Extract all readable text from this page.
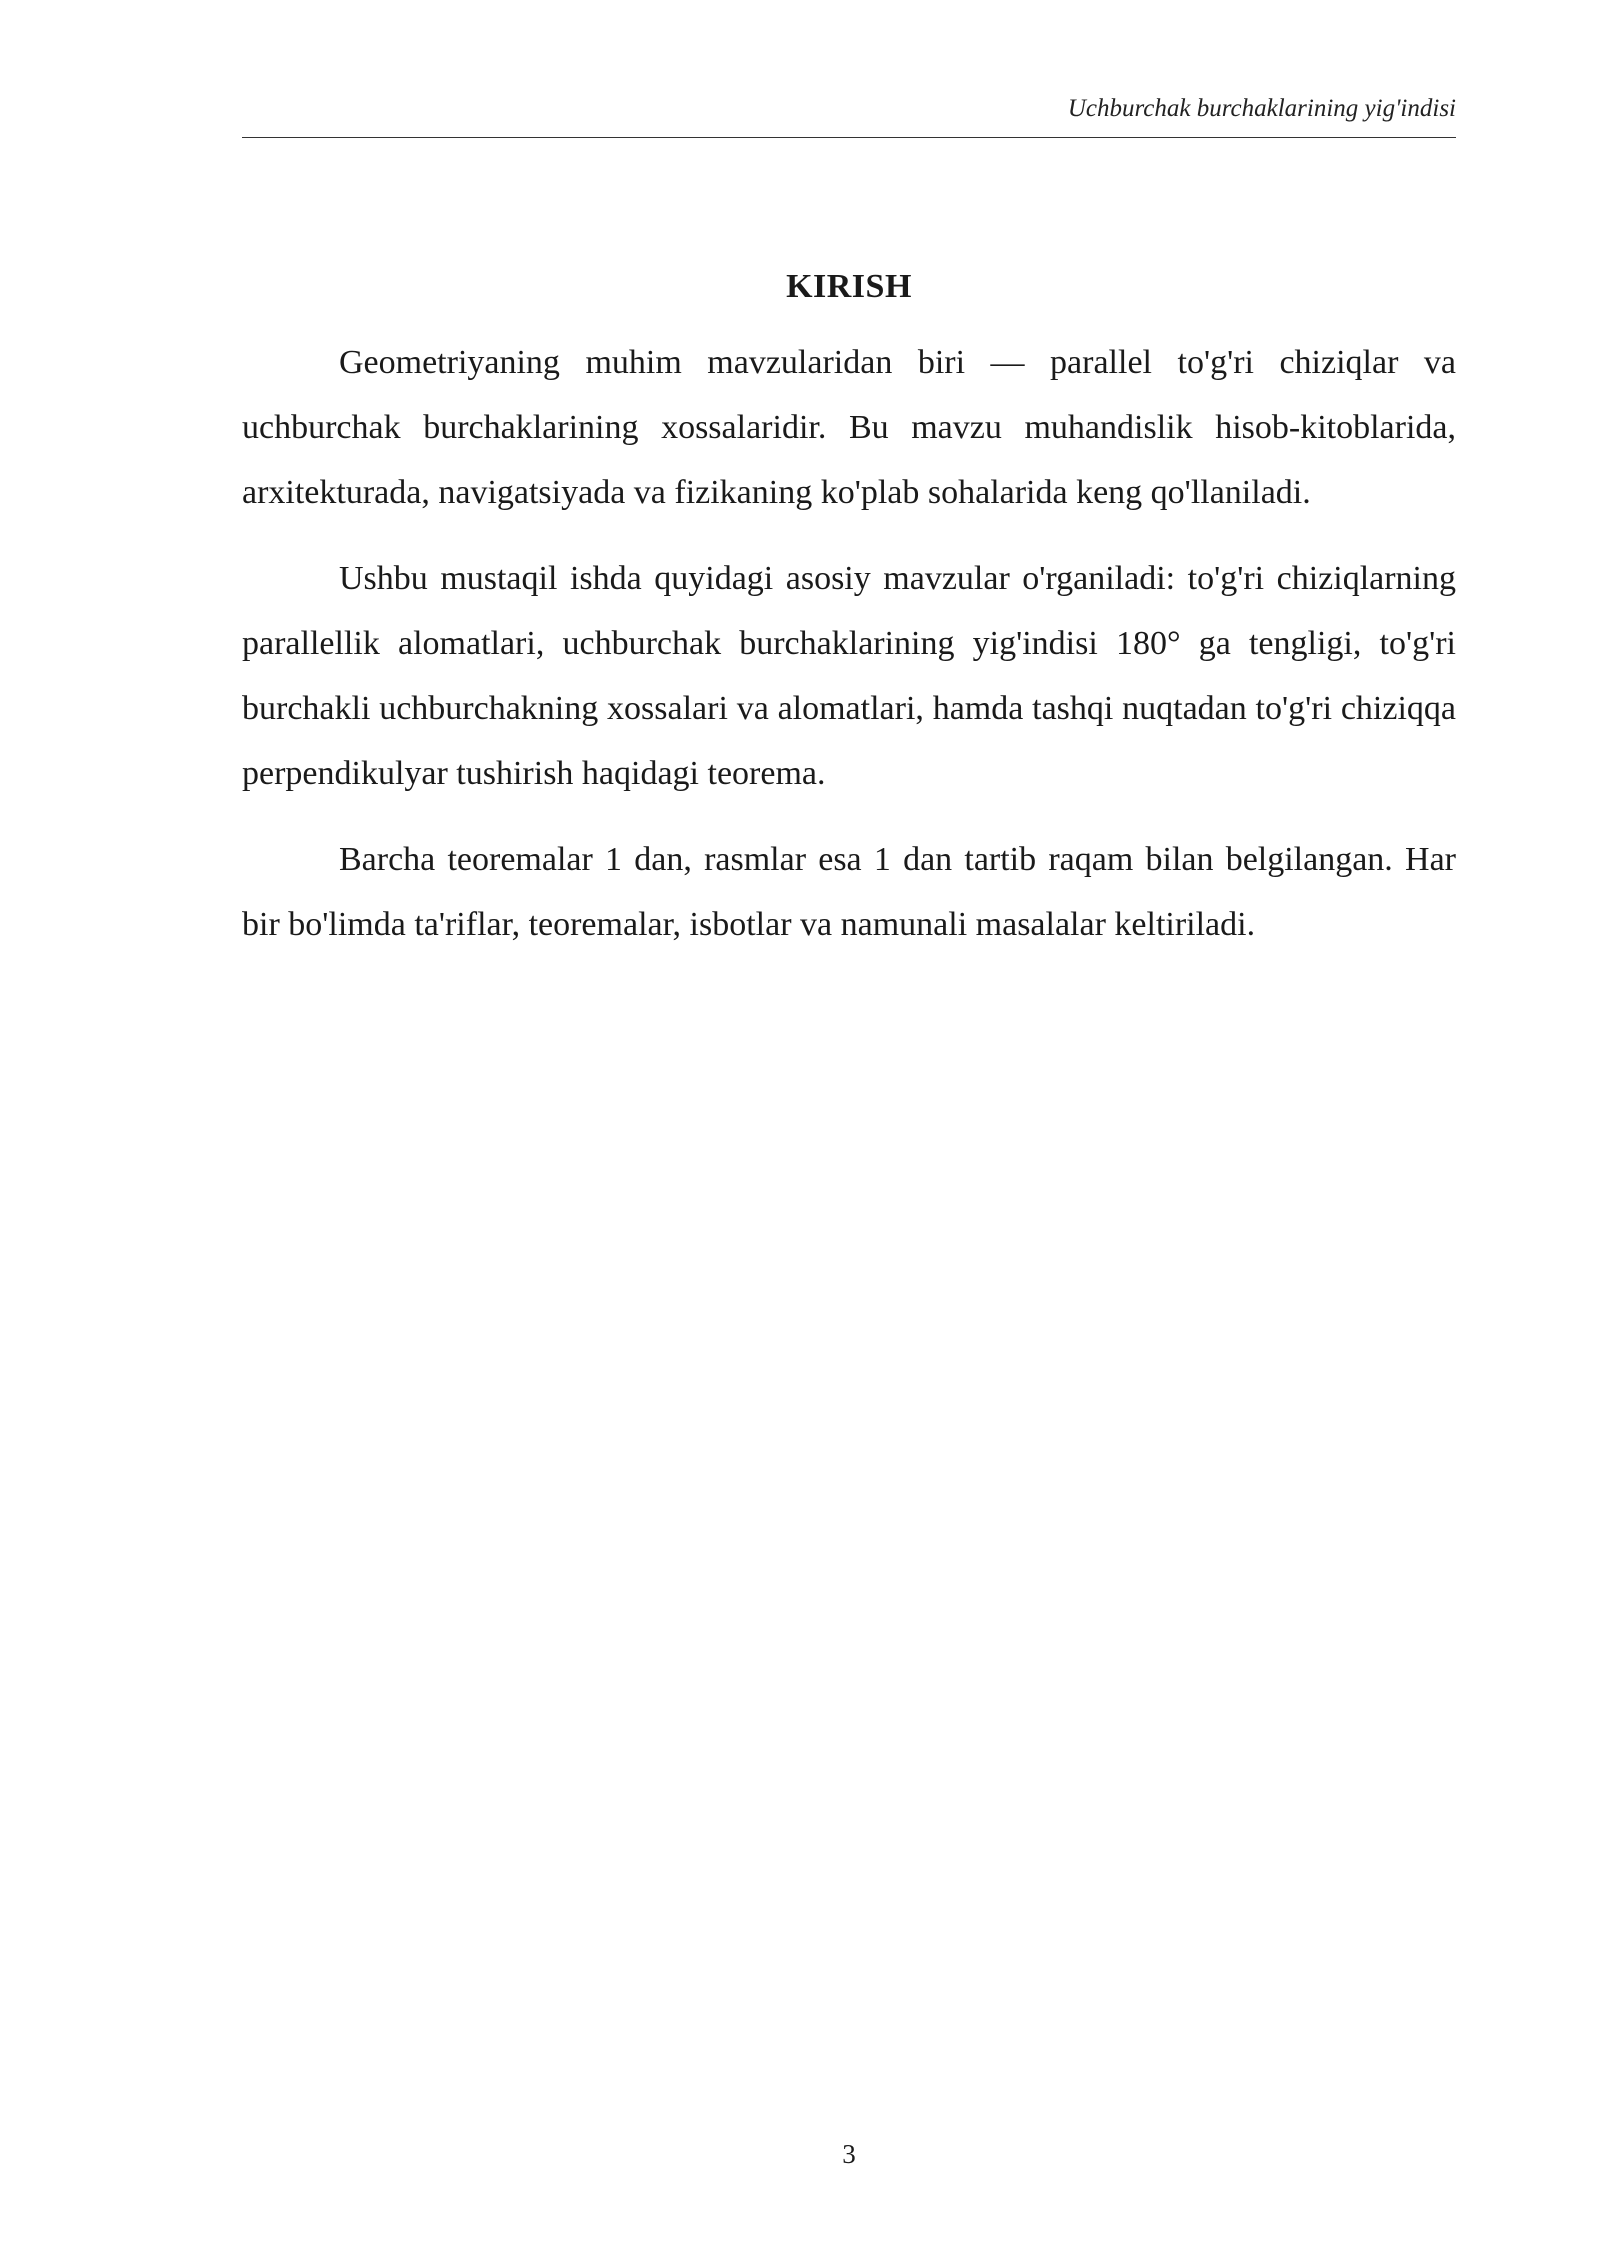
Uchburchak burchaklarining yig'indisi
KIRISH

Geometriyaning muhim mavzularidan biri — parallel to'g'ri chiziqlar va uchburchak burchaklarining xossalaridir. Bu mavzu muhandislik hisob-kitoblarida, arxitekturada, navigatsiyada va fizikaning ko'plab sohalarida keng qo'llaniladi.

Ushbu mustaqil ishda quyidagi asosiy mavzular o'rganiladi: to'g'ri chiziqlarning parallellik alomatlari, uchburchak burchaklarining yig'indisi 180° ga tengligi, to'g'ri burchakli uchburchakning xossalari va alomatlari, hamda tashqi nuqtadan to'g'ri chiziqqa perpendikulyar tushirish haqidagi teorema.

Barcha teoremalar 1 dan, rasmlar esa 1 dan tartib raqam bilan belgilangan. Har bir bo'limda ta'riflar, teoremalar, isbotlar va namunali masalalar keltiriladi.

3
